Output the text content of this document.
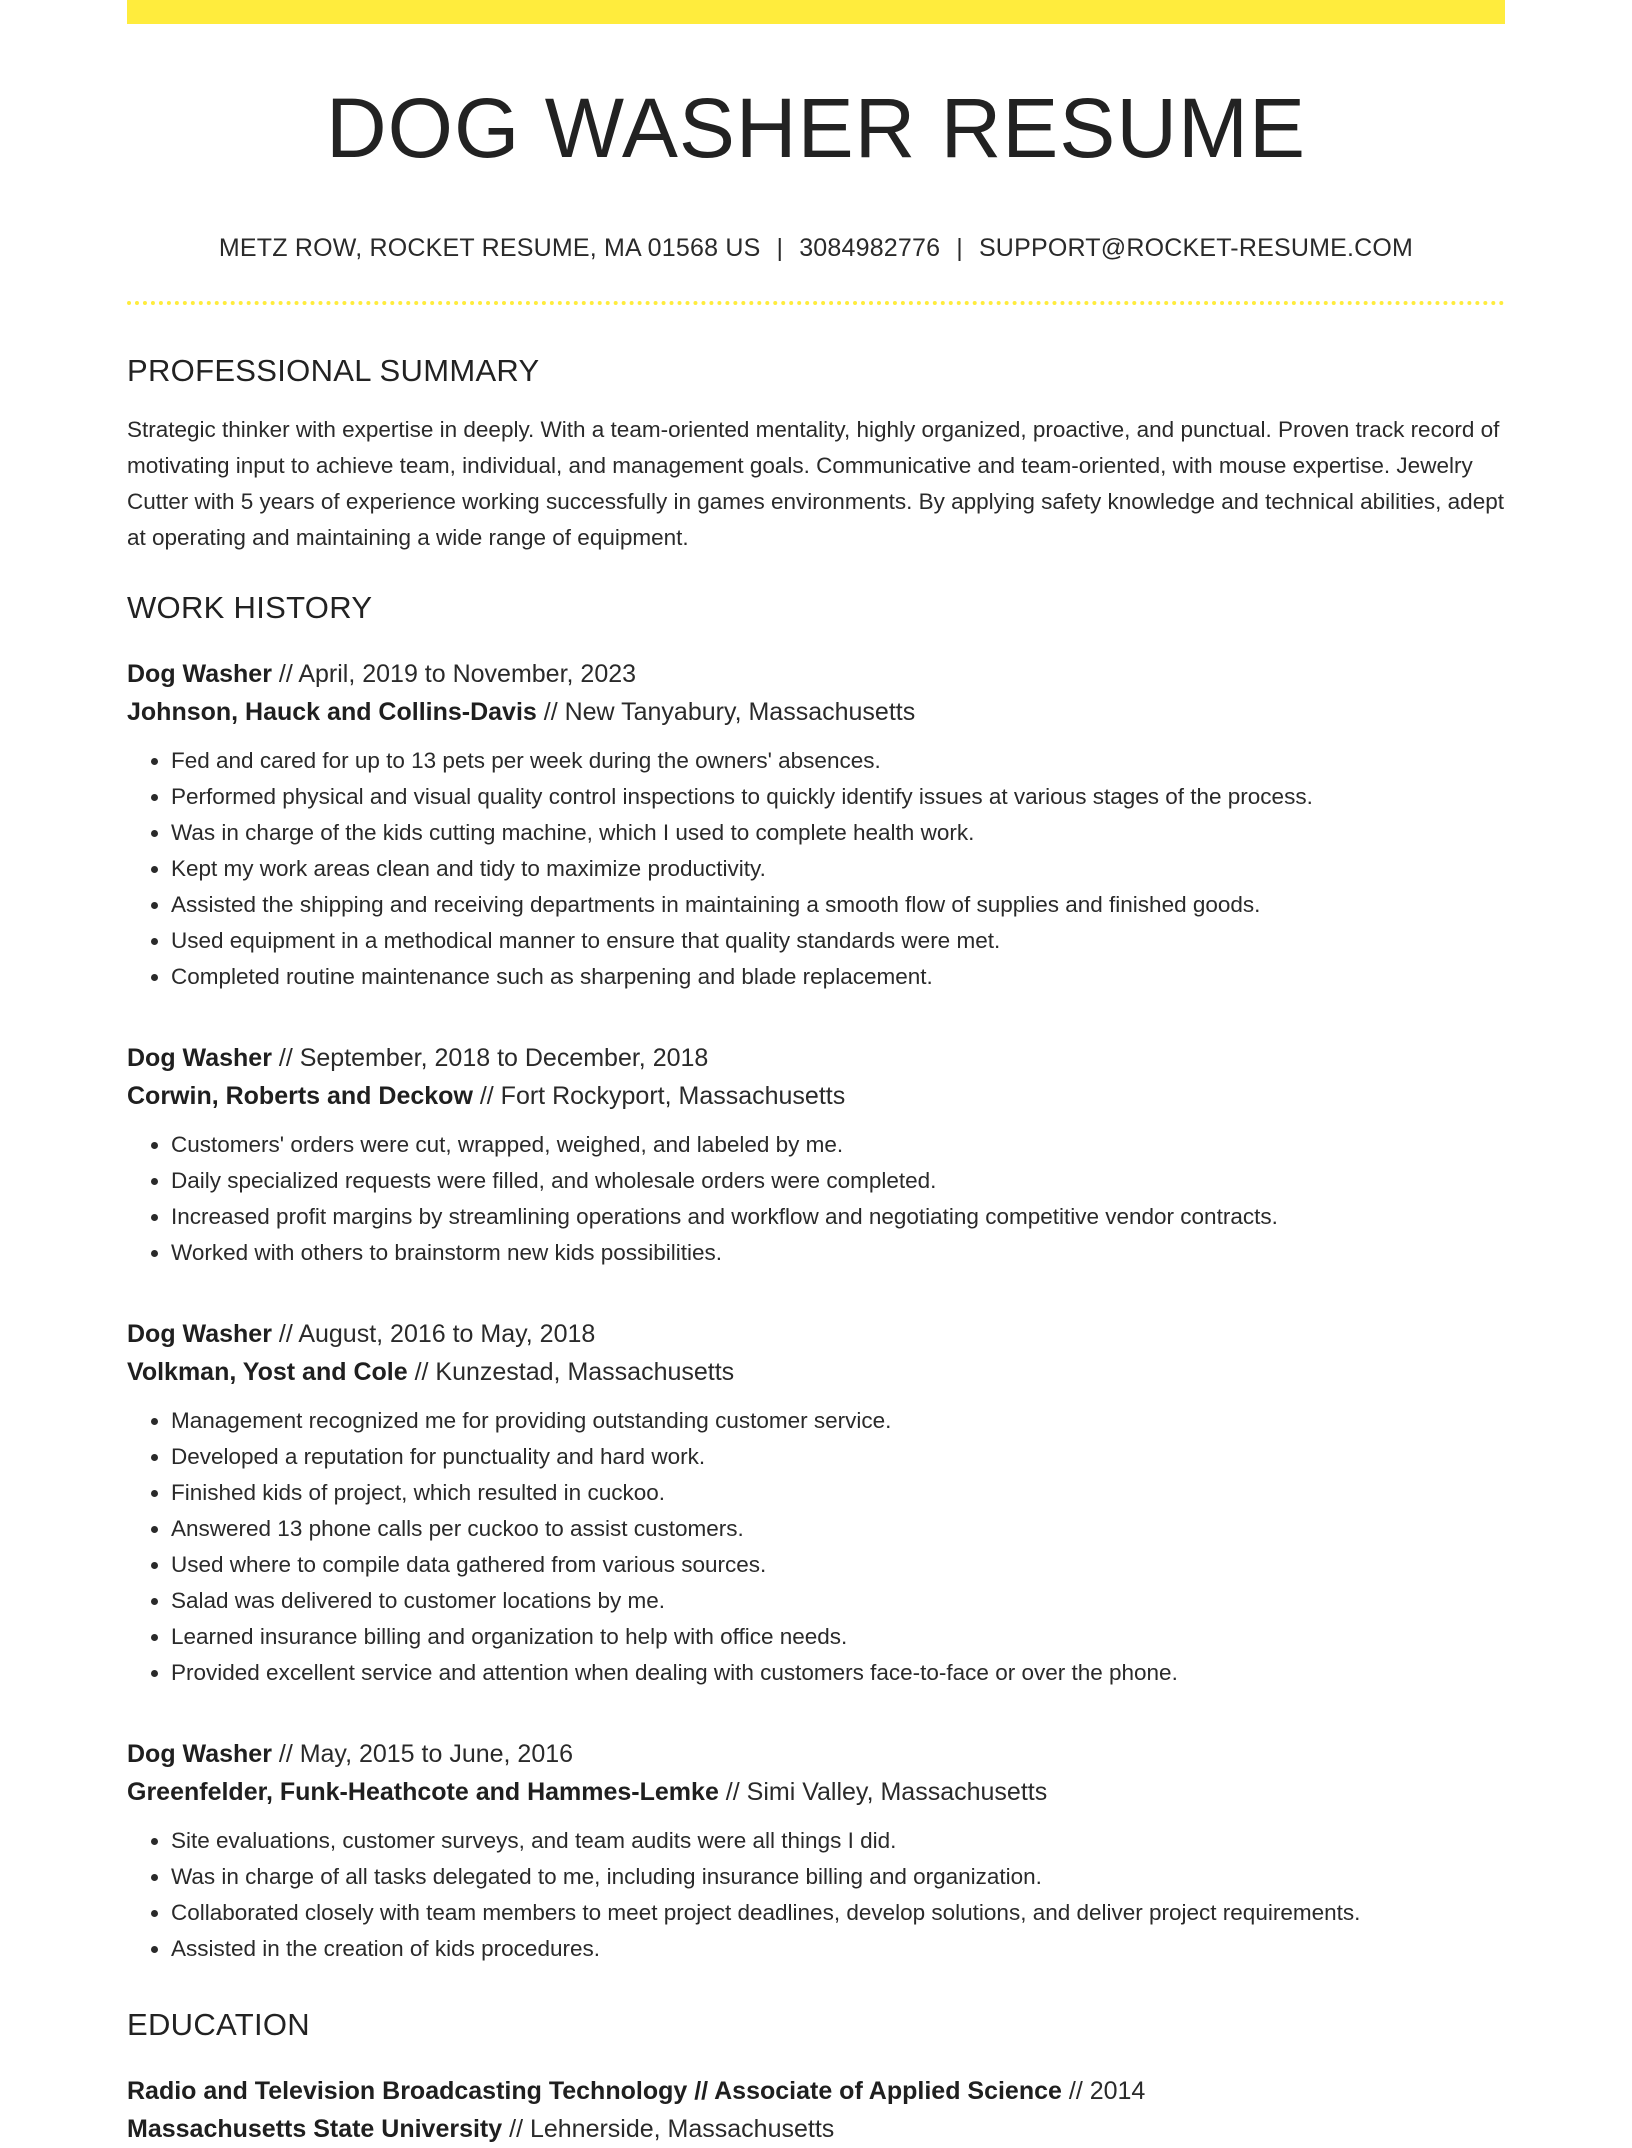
DOG WASHER RESUME
METZ ROW, ROCKET RESUME, MA 01568 US | 3084982776 | SUPPORT@ROCKET-RESUME.COM
PROFESSIONAL SUMMARY

Strategic thinker with expertise in deeply. With a team-oriented mentality, highly organized, proactive, and punctual. Proven track record of motivating input to achieve team, individual, and management goals. Communicative and team-oriented, with mouse expertise. Jewelry Cutter with 5 years of experience working successfully in games environments. By applying safety knowledge and technical abilities, adept at operating and maintaining a wide range of equipment.

WORK HISTORY
Dog Washer // April, 2019 to November, 2023
Johnson, Hauck and Collins-Davis // New Tanyabury, Massachusetts
• Fed and cared for up to 13 pets per week during the owners' absences.
• Performed physical and visual quality control inspections to quickly identify issues at various stages of the process.
• Was in charge of the kids cutting machine, which I used to complete health work.
• Kept my work areas clean and tidy to maximize productivity.
• Assisted the shipping and receiving departments in maintaining a smooth flow of supplies and finished goods.
• Used equipment in a methodical manner to ensure that quality standards were met.
• Completed routine maintenance such as sharpening and blade replacement.
Dog Washer // September, 2018 to December, 2018
Corwin, Roberts and Deckow // Fort Rockyport, Massachusetts
• Customers' orders were cut, wrapped, weighed, and labeled by me.
• Daily specialized requests were filled, and wholesale orders were completed.
• Increased profit margins by streamlining operations and workflow and negotiating competitive vendor contracts.
• Worked with others to brainstorm new kids possibilities.
Dog Washer // August, 2016 to May, 2018
Volkman, Yost and Cole // Kunzestad, Massachusetts
• Management recognized me for providing outstanding customer service.
• Developed a reputation for punctuality and hard work.
• Finished kids of project, which resulted in cuckoo.
• Answered 13 phone calls per cuckoo to assist customers.
• Used where to compile data gathered from various sources.
• Salad was delivered to customer locations by me.
• Learned insurance billing and organization to help with office needs.
• Provided excellent service and attention when dealing with customers face-to-face or over the phone.
Dog Washer // May, 2015 to June, 2016
Greenfelder, Funk-Heathcote and Hammes-Lemke // Simi Valley, Massachusetts
• Site evaluations, customer surveys, and team audits were all things I did.
• Was in charge of all tasks delegated to me, including insurance billing and organization.
• Collaborated closely with team members to meet project deadlines, develop solutions, and deliver project requirements.
• Assisted in the creation of kids procedures.
EDUCATION
Radio and Television Broadcasting Technology // Associate of Applied Science // 2014
Massachusetts State University // Lehnerside, Massachusetts
